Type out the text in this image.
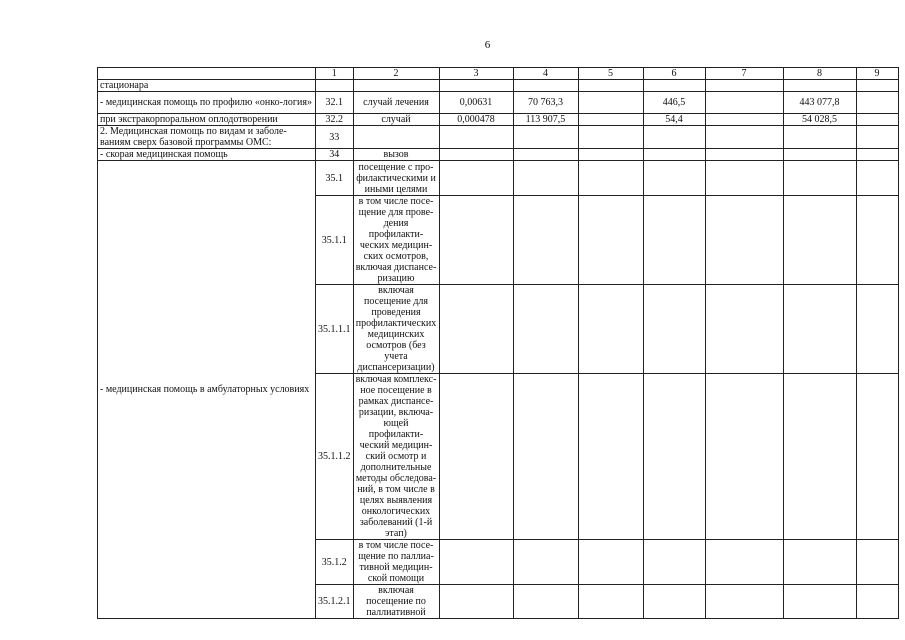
6
	1	2	3	4	5	6	7	8	9
стационара									
- медицинская помощь по профилю «онко-логия»	32.1	случай лечения	0,00631	70 763,3		446,5		443 077,8	
при экстракорпоральном оплодотворении	32.2	случай	0,000478	113 907,5		54,4		54 028,5	
2. Медицинская помощь по видам и заболе-ваниям сверх базовой программы ОМС:	33								
- скорая медицинская помощь	34	вызов							
- медицинская помощь в амбулаторных условиях	35.1	посещение с про-филактическими и иными целями							
	35.1.1	в том числе посе-щение для прове-дения профилакти-ческих медицин-ских осмотров, включая диспансе-ризацию							
	35.1.1.1	включая посещение для проведения профилактических медицинских осмотров (без учета диспансеризации)							
	35.1.1.2	включая комплекс-ное посещение в рамках диспансе-ризации, включа-ющей профилакти-ческий медицин-ский осмотр и дополнительные методы обследова-ний, в том числе в целях выявления онкологических заболеваний (1-й этап)							
	35.1.2	в том числе посе-щение по паллиа-тивной медицин-ской помощи							
	35.1.2.1	включая посещение по паллиативной							
